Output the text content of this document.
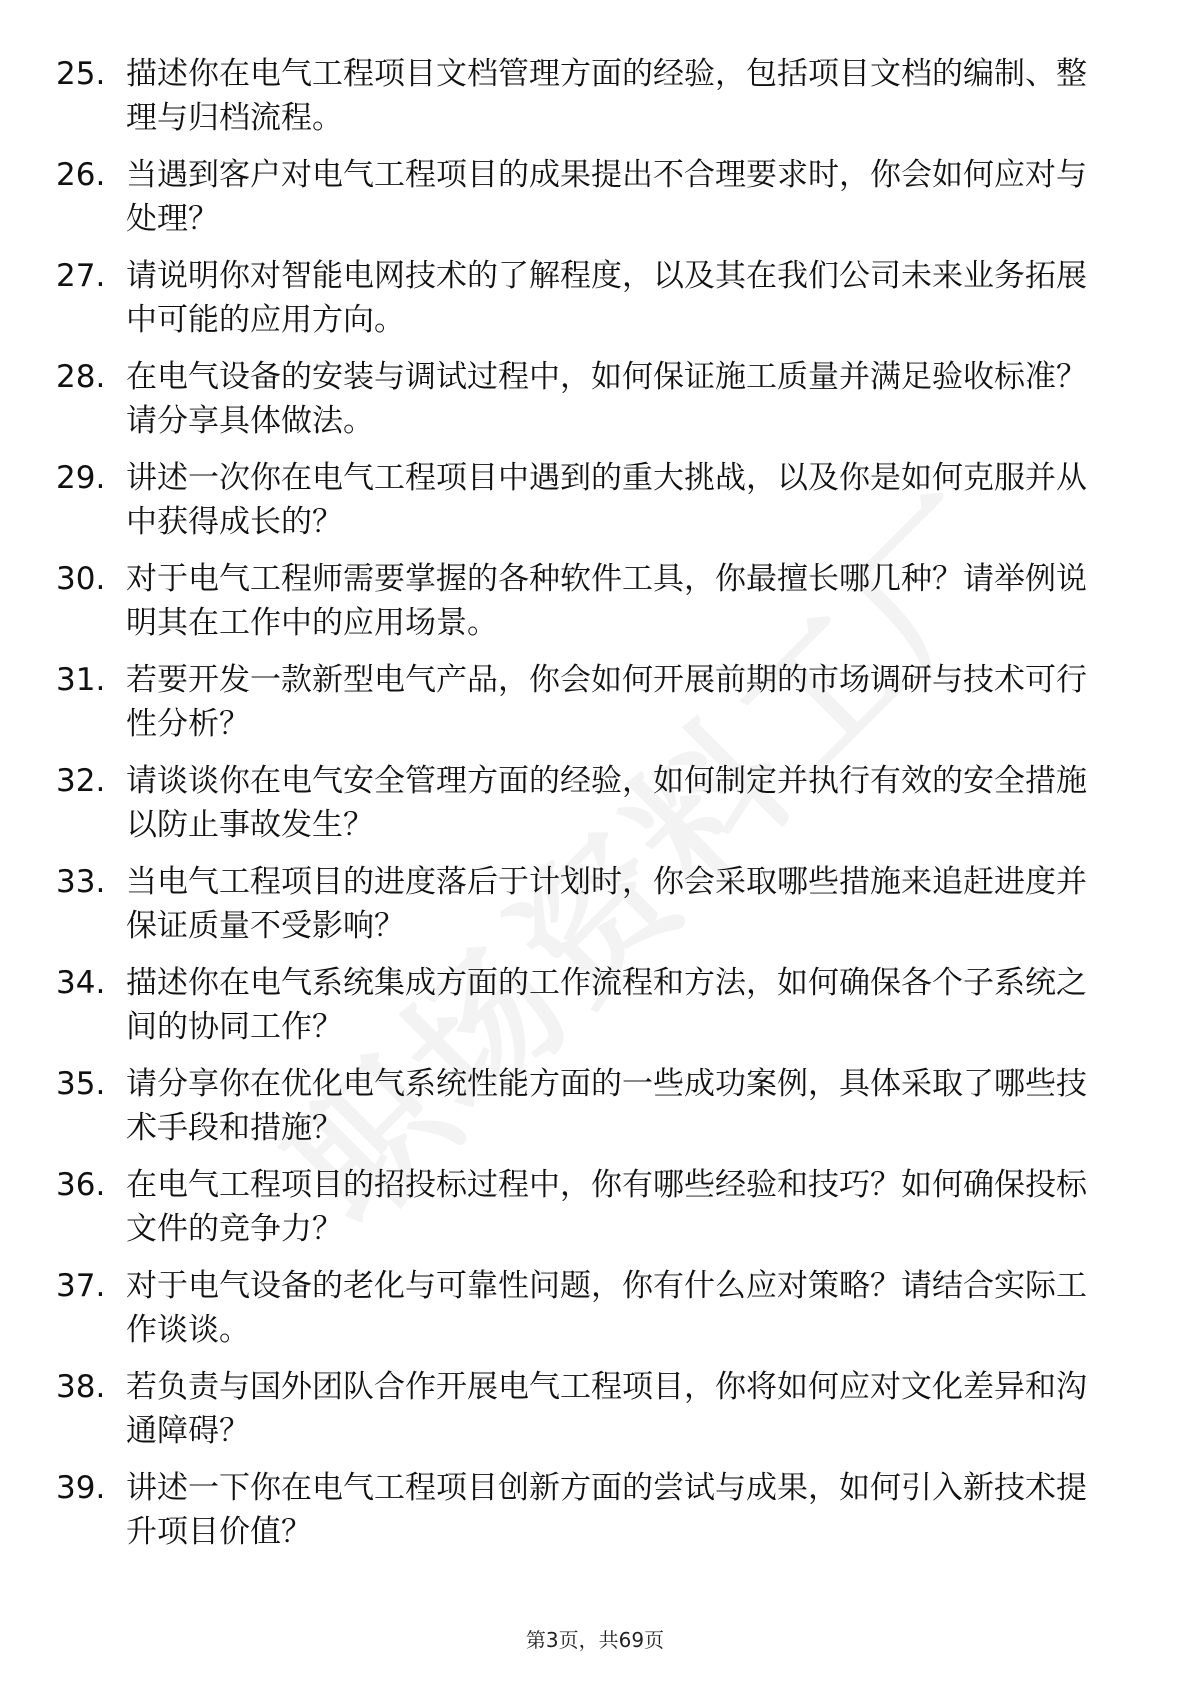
25. 描述你在电气工程项目文档管理方面的经验，包括项目文档的编制、整理与归档流程。
26. 当遇到客户对电气工程项目的成果提出不合理要求时，你会如何应对与处理？
27. 请说明你对智能电网技术的了解程度，以及其在我们公司未来业务拓展中可能的应用方向。
28. 在电气设备的安装与调试过程中，如何保证施工质量并满足验收标准？请分享具体做法。
29. 讲述一次你在电气工程项目中遇到的重大挑战，以及你是如何克服并从中获得成长的？
30. 对于电气工程师需要掌握的各种软件工具，你最擅长哪几种？请举例说明其在工作中的应用场景。
31. 若要开发一款新型电气产品，你会如何开展前期的市场调研与技术可行性分析？
32. 请谈谈你在电气安全管理方面的经验，如何制定并执行有效的安全措施以防止事故发生？
33. 当电气工程项目的进度落后于计划时，你会采取哪些措施来追赶进度并保证质量不受影响？
34. 描述你在电气系统集成方面的工作流程和方法，如何确保各个子系统之间的协同工作？
35. 请分享你在优化电气系统性能方面的一些成功案例，具体采取了哪些技术手段和措施？
36. 在电气工程项目的招投标过程中，你有哪些经验和技巧？如何确保投标文件的竞争力？
37. 对于电气设备的老化与可靠性问题，你有什么应对策略？请结合实际工作谈谈。
38. 若负责与国外团队合作开展电气工程项目，你将如何应对文化差异和沟通障碍？
39. 讲述一下你在电气工程项目创新方面的尝试与成果，如何引入新技术提升项目价值？
第3页，共69页
